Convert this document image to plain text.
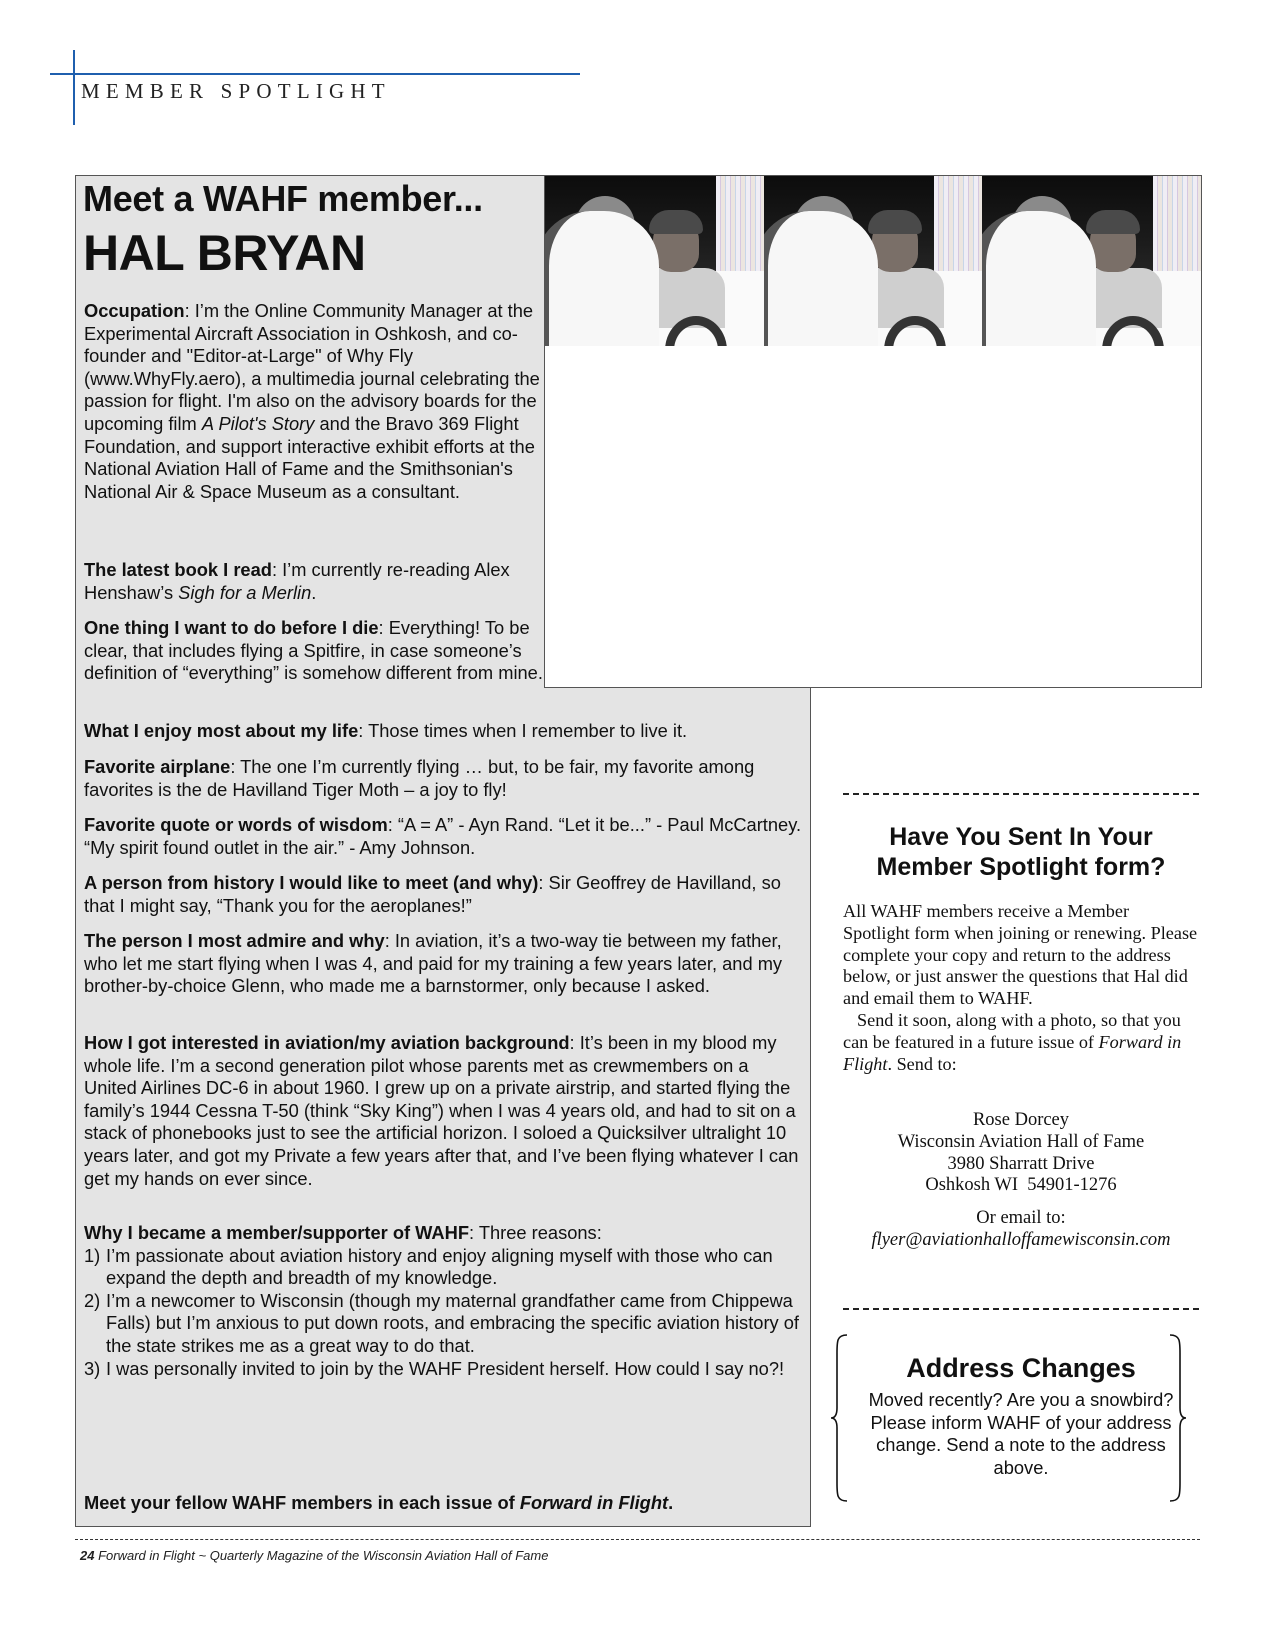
MEMBER SPOTLIGHT
Meet a WAHF member...
HAL BRYAN

Occupation: I’m the Online Community Manager at the Experimental Aircraft Association in Oshkosh, and co-founder and "Editor-at-Large" of Why Fly (www.WhyFly.aero), a multimedia journal celebrating the passion for flight. I'm also on the advisory boards for the upcoming film A Pilot's Story and the Bravo 369 Flight Foundation, and support interactive exhibit efforts at the National Aviation Hall of Fame and the Smithsonian's National Air & Space Museum as a consultant.

The latest book I read: I’m currently re-reading Alex Henshaw’s Sigh for a Merlin.

One thing I want to do before I die: Everything! To be clear, that includes flying a Spitfire, in case someone’s definition of “everything” is somehow different from mine.

What I enjoy most about my life: Those times when I remember to live it.

Favorite airplane: The one I’m currently flying … but, to be fair, my favorite among favorites is the de Havilland Tiger Moth – a joy to fly!

Favorite quote or words of wisdom: “A = A” - Ayn Rand. “Let it be...” - Paul McCartney. “My spirit found outlet in the air.” - Amy Johnson.

A person from history I would like to meet (and why): Sir Geoffrey de Havilland, so that I might say, “Thank you for the aeroplanes!”

The person I most admire and why: In aviation, it’s a two-way tie between my father, who let me start flying when I was 4, and paid for my training a few years later, and my brother-by-choice Glenn, who made me a barnstormer, only because I asked.

How I got interested in aviation/my aviation background: It’s been in my blood my whole life. I’m a second generation pilot whose parents met as crewmembers on a United Airlines DC-6 in about 1960. I grew up on a private airstrip, and started flying the family’s 1944 Cessna T-50 (think “Sky King”) when I was 4 years old, and had to sit on a stack of phonebooks just to see the artificial horizon. I soloed a Quicksilver ultralight 10 years later, and got my Private a few years after that, and I’ve been flying whatever I can get my hands on ever since.

Why I became a member/supporter of WAHF: Three reasons:

1) I’m passionate about aviation history and enjoy aligning myself with those who can expand the depth and breadth of my knowledge.
2) I’m a newcomer to Wisconsin (though my maternal grandfather came from Chippewa Falls) but I’m anxious to put down roots, and embracing the specific aviation history of the state strikes me as a great way to do that.
3) I was personally invited to join by the WAHF President herself. How could I say no?!
Meet your fellow WAHF members in each issue of Forward in Flight.
Have You Sent In Your Member Spotlight form?

All WAHF members receive a Member Spotlight form when joining or renewing. Please complete your copy and return to the address below, or just answer the questions that Hal did and email them to WAHF.

Send it soon, along with a photo, so that you can be featured in a future issue of Forward in Flight. Send to:

Rose Dorcey
Wisconsin Aviation Hall of Fame
3980 Sharratt Drive
Oshkosh WI  54901-1276
Or email to:
flyer@aviationhalloffamewisconsin.com
Address Changes
Moved recently? Are you a snowbird? Please inform WAHF of your address change. Send a note to the address above.
24 Forward in Flight ~ Quarterly Magazine of the Wisconsin Aviation Hall of Fame
